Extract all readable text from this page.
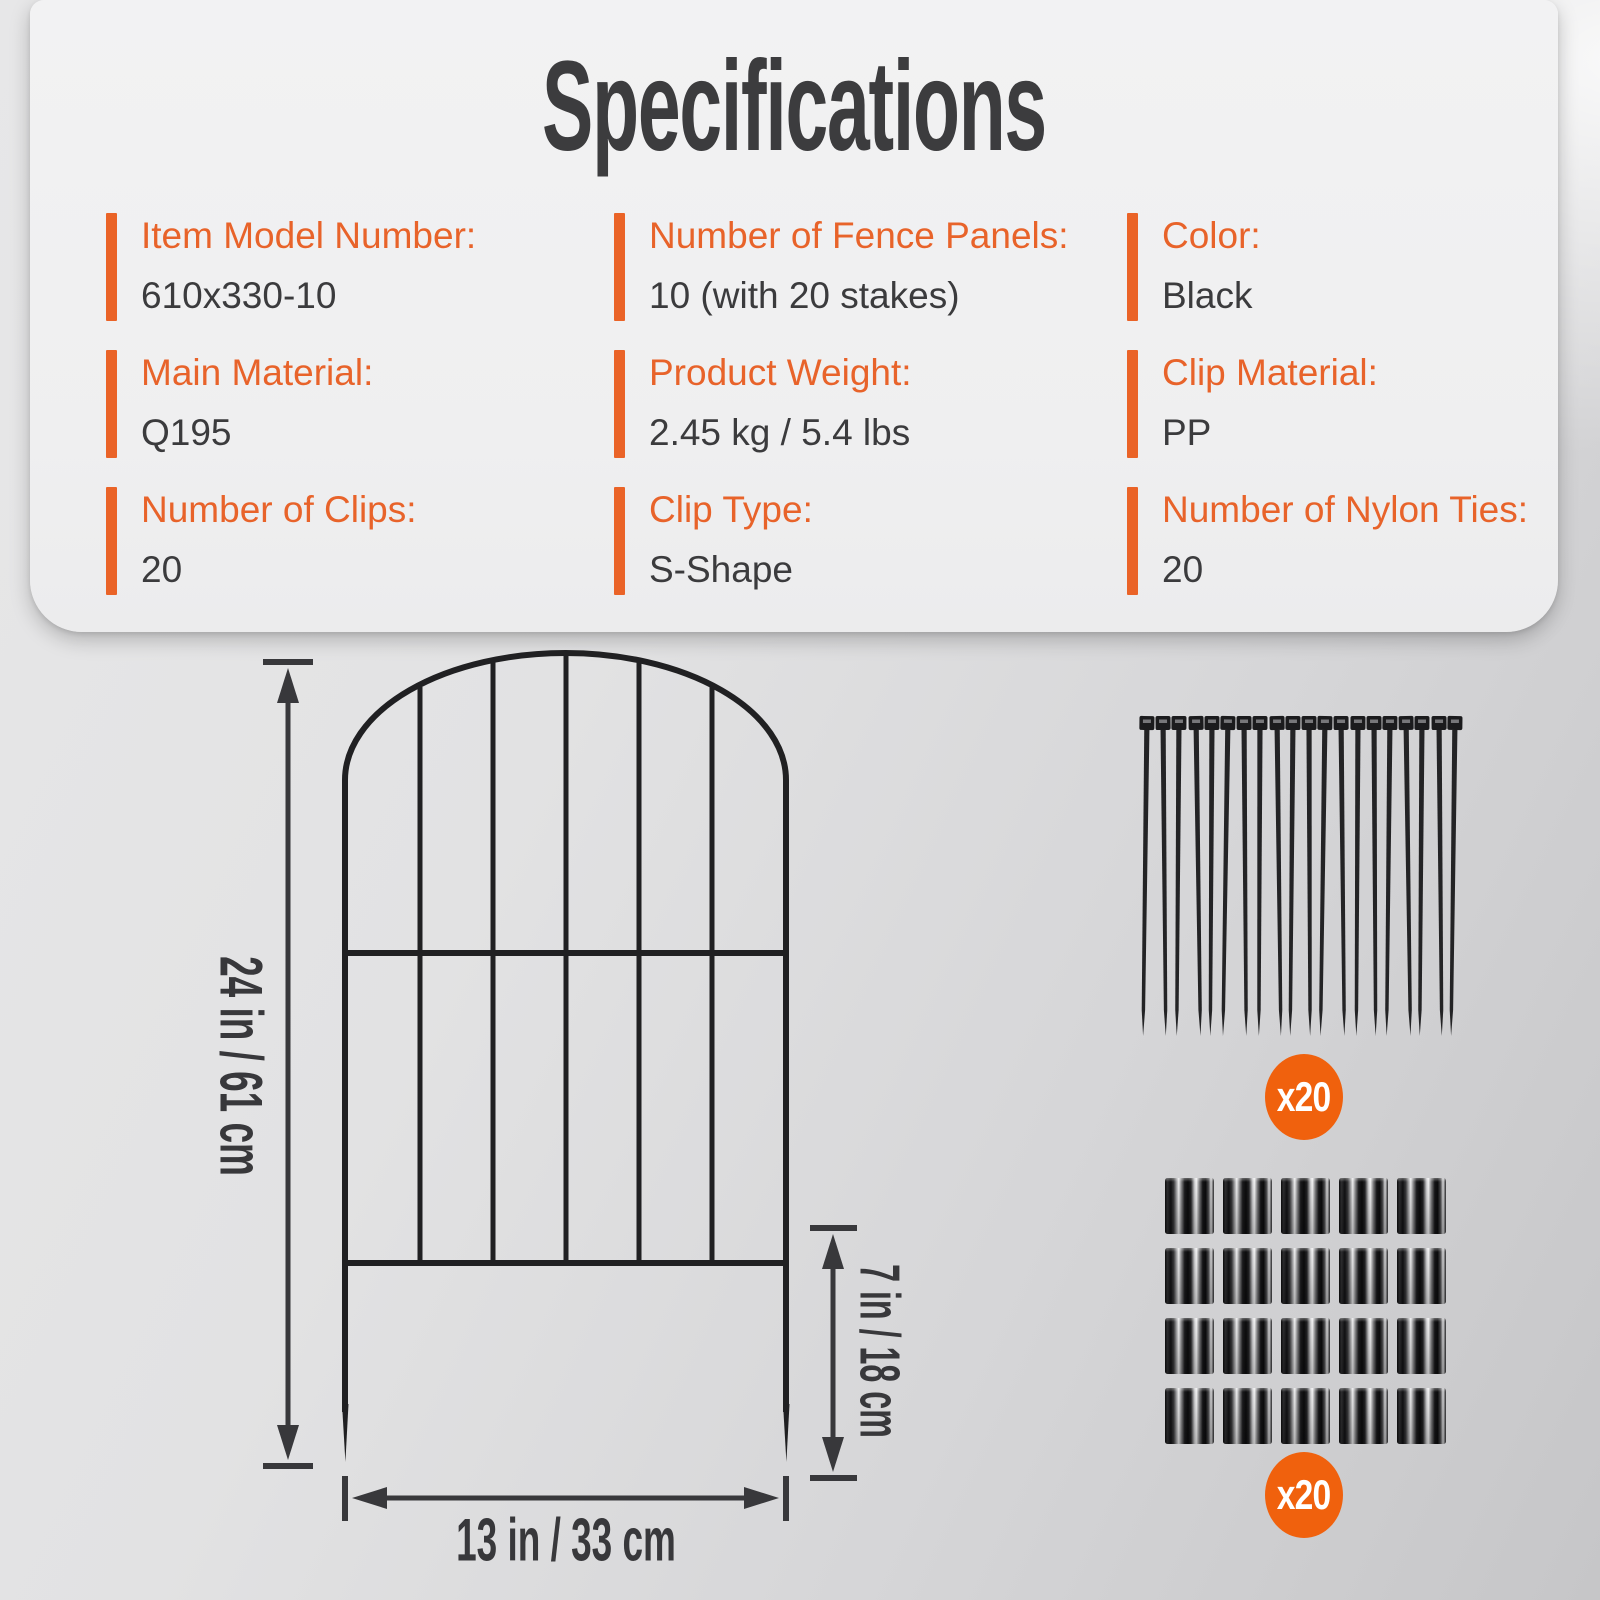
Specifications
Item Model Number:
610x330-10
Number of Fence Panels:
10 (with 20 stakes)
Color:
Black
Main Material:
Q195
Product Weight:
2.45 kg / 5.4 lbs
Clip Material:
PP
Number of Clips:
20
Clip Type:
S-Shape
Number of Nylon Ties:
20
24 in / 61 cm
7 in / 18 cm
13 in / 33 cm
x20
x20
